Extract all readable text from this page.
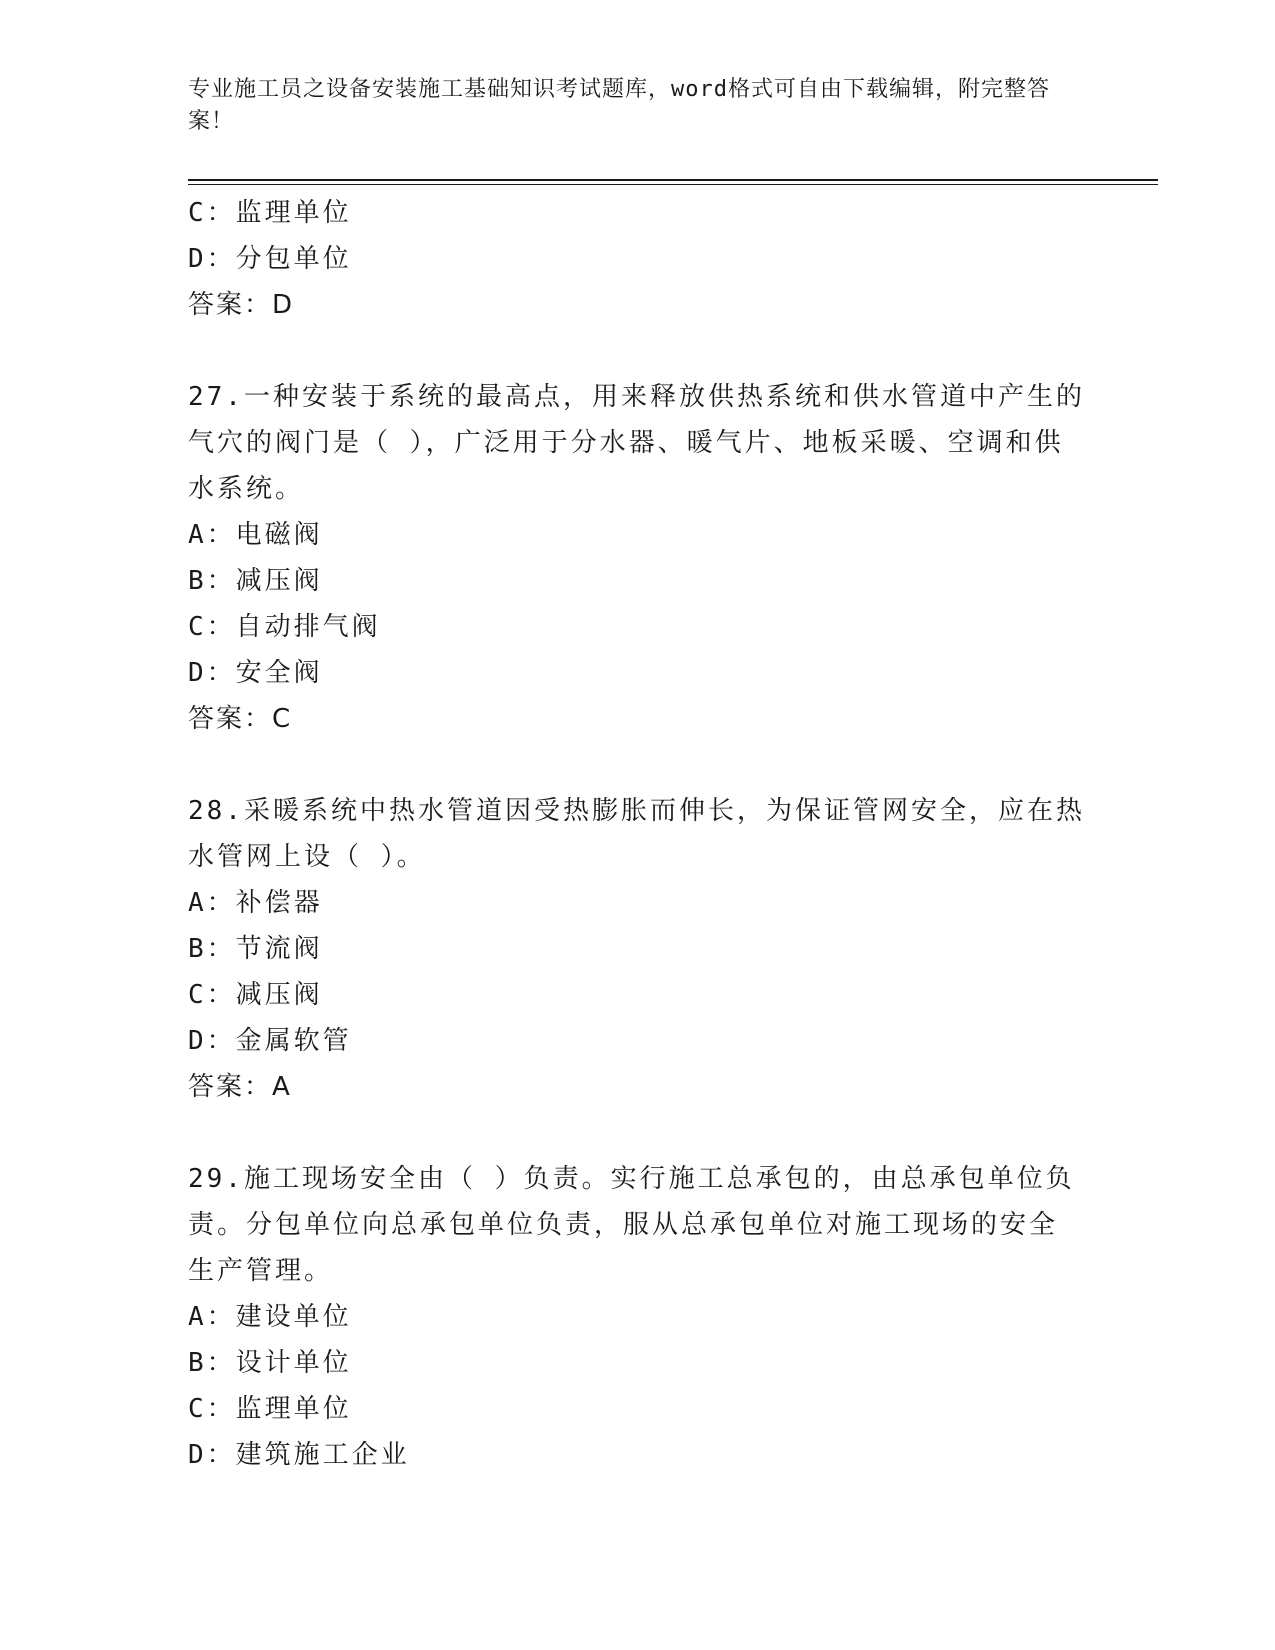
专业施工员之设备安装施工基础知识考试题库，word格式可自由下载编辑，附完整答案！
C：监理单位
D：分包单位
答案：D
27.一种安装于系统的最高点，用来释放供热系统和供水管道中产生的
气穴的阀门是（ ），广泛用于分水器、暖气片、地板采暖、空调和供
水系统。
A：电磁阀
B：减压阀
C：自动排气阀
D：安全阀
答案：C
28.采暖系统中热水管道因受热膨胀而伸长，为保证管网安全，应在热
水管网上设（ ）。
A：补偿器
B：节流阀
C：减压阀
D：金属软管
答案：A
29.施工现场安全由（ ）负责。实行施工总承包的，由总承包单位负
责。分包单位向总承包单位负责，服从总承包单位对施工现场的安全
生产管理。
A：建设单位
B：设计单位
C：监理单位
D：建筑施工企业
